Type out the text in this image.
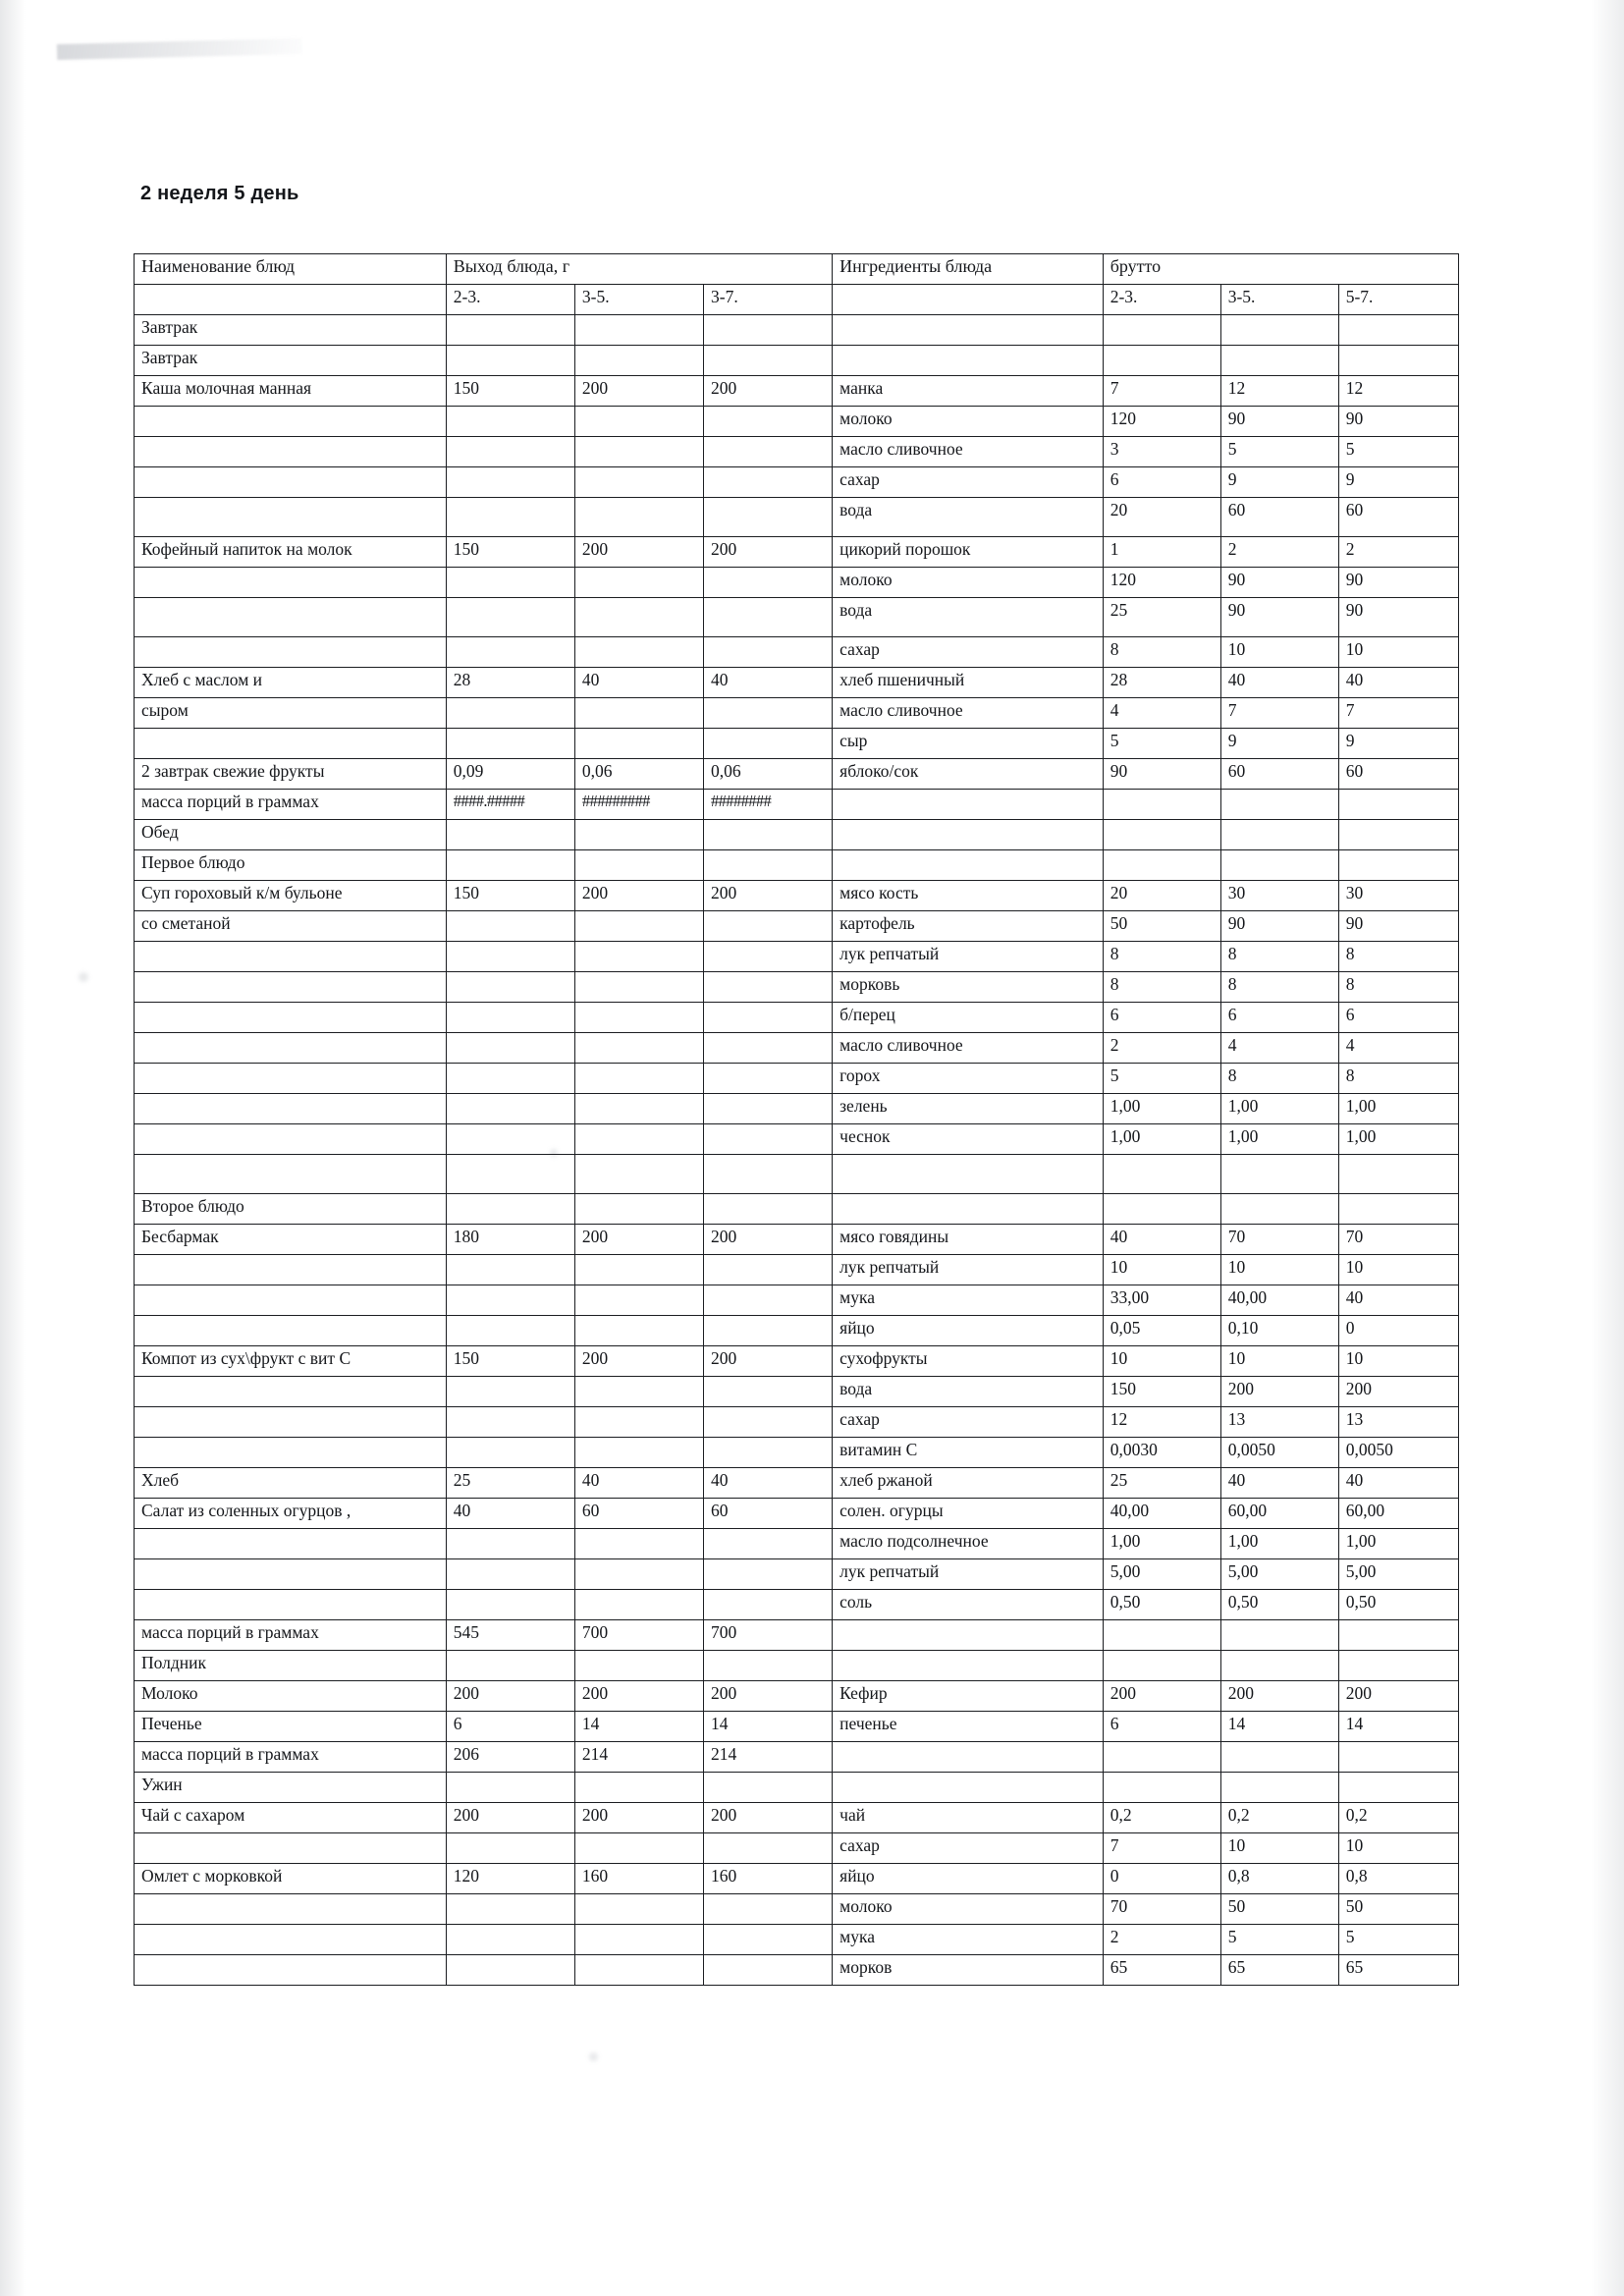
2 неделя 5 день
Наименование блюд	Выход блюда, г			Ингредиенты блюда	брутто		
	2-3.	3-5.	3-7.		2-3.	3-5.	5-7.
Завтрак							
Завтрак							
Каша молочная манная	150	200	200	манка	7	12	12
				молоко	120	90	90
				масло сливочное	3	5	5
				сахар	6	9	9
				вода	20	60	60
Кофейный напиток на молок	150	200	200	цикорий порошок	1	2	2
				молоко	120	90	90
				вода	25	90	90
				сахар	8	10	10
Хлеб с маслом и	28	40	40	хлеб пшеничный	28	40	40
сыром				масло сливочное	4	7	7
				сыр	5	9	9
2 завтрак свежие фрукты	0,09	0,06	0,06	яблоко/сок	90	60	60
масса порций в граммах	####.#####	#########	########				
Обед							
Первое блюдо							
Суп гороховый к/м бульоне	150	200	200	мясо кость	20	30	30
со сметаной				картофель	50	90	90
				лук репчатый	8	8	8
				морковь	8	8	8
				б/перец	6	6	6
				масло сливочное	2	4	4
				горох	5	8	8
				зелень	1,00	1,00	1,00
				чеснок	1,00	1,00	1,00

Второе блюдо							
Бесбармак	180	200	200	мясо говядины	40	70	70
				лук репчатый	10	10	10
				мука	33,00	40,00	40
				яйцо	0,05	0,10	0
Компот из сух\фрукт с вит С	150	200	200	сухофрукты	10	10	10
				вода	150	200	200
				сахар	12	13	13
				витамин С	0,0030	0,0050	0,0050
Хлеб	25	40	40	хлеб ржаной	25	40	40
Салат из соленных огурцов ,	40	60	60	солен. огурцы	40,00	60,00	60,00
				масло подсолнечное	1,00	1,00	1,00
				лук репчатый	5,00	5,00	5,00
				соль	0,50	0,50	0,50
масса порций в граммах	545	700	700				
Полдник							
Молоко	200	200	200	Кефир	200	200	200
Печенье	6	14	14	печенье	6	14	14
масса порций в граммах	206	214	214				
Ужин							
Чай с сахаром	200	200	200	чай	0,2	0,2	0,2
				сахар	7	10	10
Омлет с морковкой	120	160	160	яйцо	0	0,8	0,8
				молоко	70	50	50
				мука	2	5	5
				морков	65	65	65
